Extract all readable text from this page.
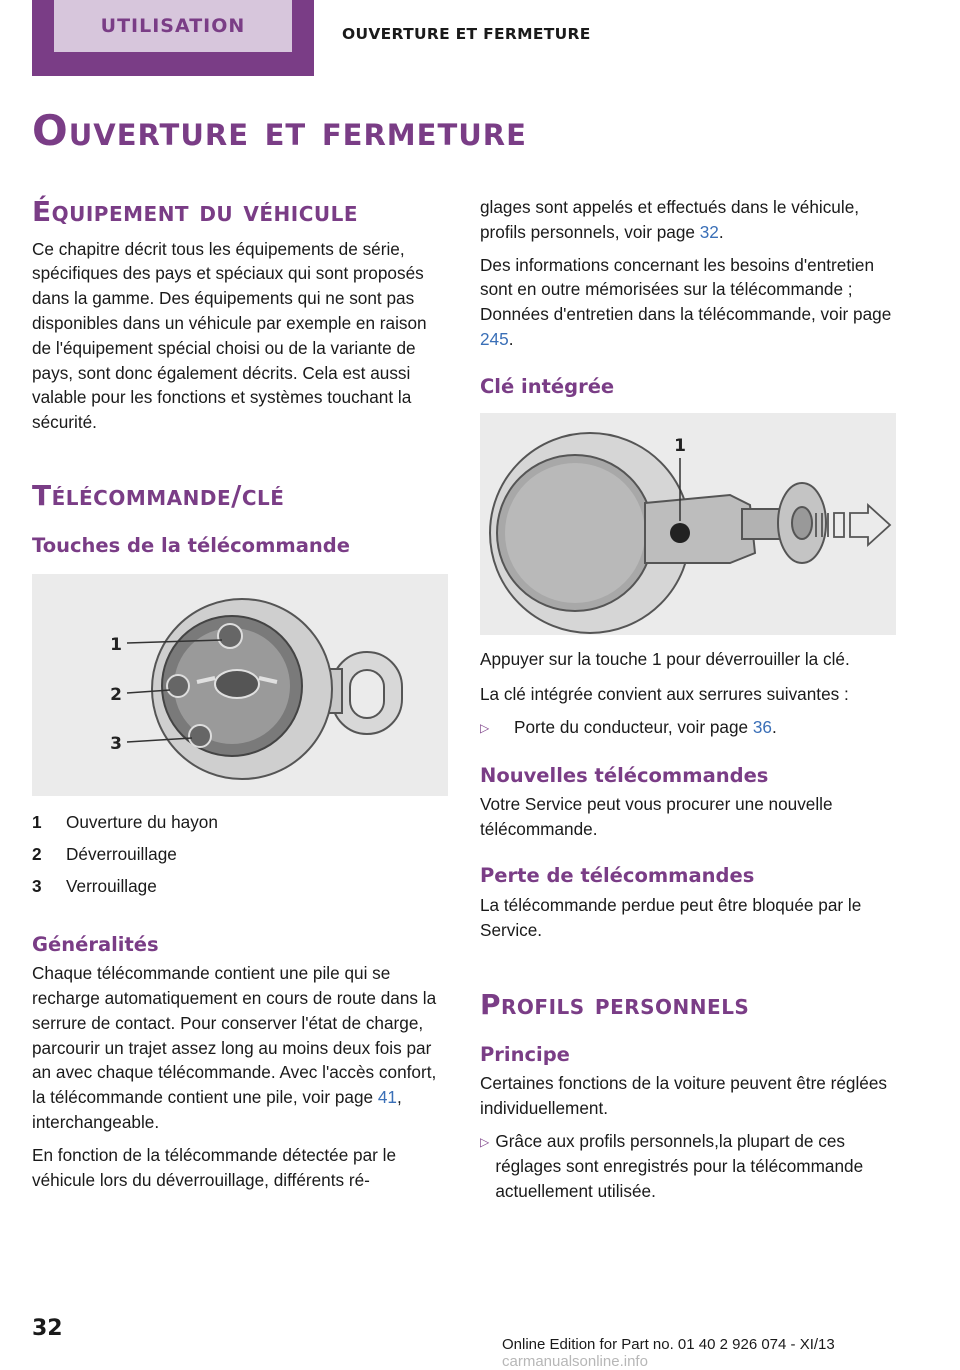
UTILISATION	OUVERTURE ET FERMETURE
Ouverture et fermeture
Équipement du véhicule

Ce chapitre décrit tous les équipements de série, spécifiques des pays et spéciaux qui sont proposés dans la gamme. Des équipements qui ne sont pas disponibles dans un véhicule par exemple en raison de l'équipement spécial choisi ou de la variante de pays, sont donc également décrits. Cela est aussi valable pour les fonctions et systèmes touchant la sécurité.

Télécommande/clé
Touches de la télécommande
1
2
3
1	Ouverture du hayon
2	Déverrouillage
3	Verrouillage
Généralités

Chaque télécommande contient une pile qui se recharge automatiquement en cours de route dans la serrure de contact. Pour conserver l'état de charge, parcourir un trajet assez long au moins deux fois par an avec chaque télécommande. Avec l'accès confort, la télécommande contient une pile, voir page 41, interchangeable.

En fonction de la télécommande détectée par le véhicule lors du déverrouillage, différents ré-

glages sont appelés et effectués dans le véhicule, profils personnels, voir page 32.

Des informations concernant les besoins d'entretien sont en outre mémorisées sur la télécommande ; Données d'entretien dans la télécommande, voir page 245.

Clé intégrée
1

Appuyer sur la touche 1 pour déverrouiller la clé.

La clé intégrée convient aux serrures suivantes :

▷	Porte du conducteur, voir page 36.
Nouvelles télécommandes

Votre Service peut vous procurer une nouvelle télécommande.

Perte de télécommandes

La télécommande perdue peut être bloquée par le Service.

Profils personnels
Principe

Certaines fonctions de la voiture peuvent être réglées individuellement.

▷ Grâce aux profils personnels,la plupart de ces réglages sont enregistrés pour la télécommande actuellement utilisée.
32
Online Edition for Part no. 01 40 2 926 074 - XI/13 carmanualsonline.info
